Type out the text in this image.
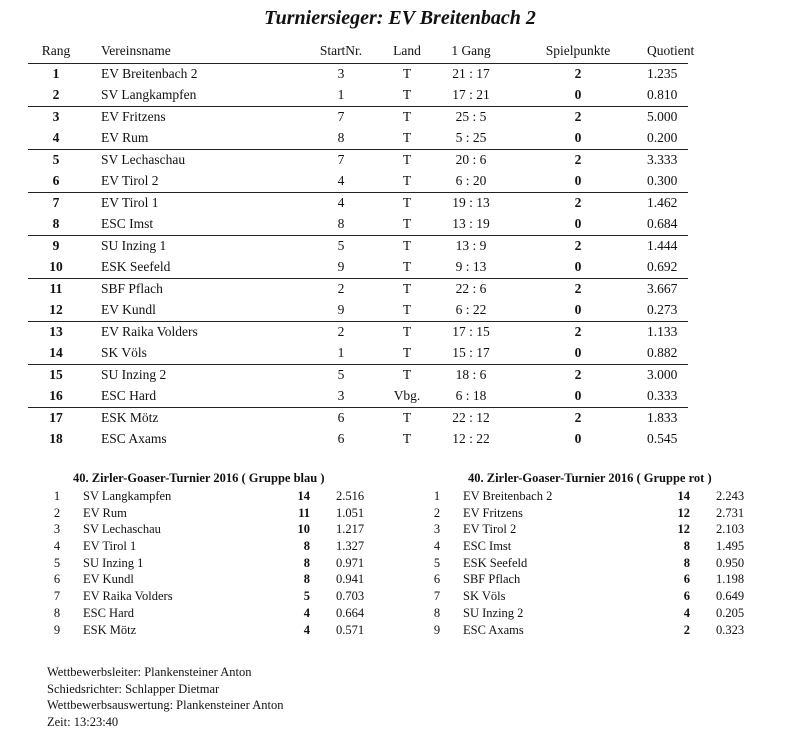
Turniersieger: EV Breitenbach 2
Rang	Vereinsname	StartNr.	Land	1 Gang	Spielpunkte	Quotient
1	EV Breitenbach 2	3	T	21 : 17	2	1.235
2	SV Langkampfen	1	T	17 : 21	0	0.810
3	EV Fritzens	7	T	25 : 5	2	5.000
4	EV Rum	8	T	5 : 25	0	0.200
5	SV Lechaschau	7	T	20 : 6	2	3.333
6	EV Tirol 2	4	T	6 : 20	0	0.300
7	EV Tirol 1	4	T	19 : 13	2	1.462
8	ESC Imst	8	T	13 : 19	0	0.684
9	SU Inzing 1	5	T	13 : 9	2	1.444
10	ESK Seefeld	9	T	9 : 13	0	0.692
11	SBF Pflach	2	T	22 : 6	2	3.667
12	EV Kundl	9	T	6 : 22	0	0.273
13	EV Raika Volders	2	T	17 : 15	2	1.133
14	SK Völs	1	T	15 : 17	0	0.882
15	SU Inzing 2	5	T	18 : 6	2	3.000
16	ESC Hard	3	Vbg.	6 : 18	0	0.333
17	ESK Mötz	6	T	22 : 12	2	1.833
18	ESC Axams	6	T	12 : 22	0	0.545
40. Zirler-Goaser-Turnier 2016 ( Gruppe blau )
1	SV Langkampfen	14 2.516
2	EV Rum	11 1.051
3	SV Lechaschau	10 1.217
4	EV Tirol 1	8 1.327
5	SU Inzing 1	8 0.971
6	EV Kundl	8 0.941
7	EV Raika Volders	5 0.703
8	ESC Hard	4 0.664
9	ESK Mötz	4 0.571
40. Zirler-Goaser-Turnier 2016 ( Gruppe rot )
1	EV Breitenbach 2	14 2.243
2	EV Fritzens	12 2.731
3	EV Tirol 2	12 2.103
4	ESC Imst	8 1.495
5	ESK Seefeld	8 0.950
6	SBF Pflach	6 1.198
7	SK Völs	6 0.649
8	SU Inzing 2	4 0.205
9	ESC Axams	2 0.323
Wettbewerbsleiter: Plankensteiner Anton
Schiedsrichter: Schlapper Dietmar
Wettbewerbsauswertung: Plankensteiner Anton
Zeit: 13:23:40
